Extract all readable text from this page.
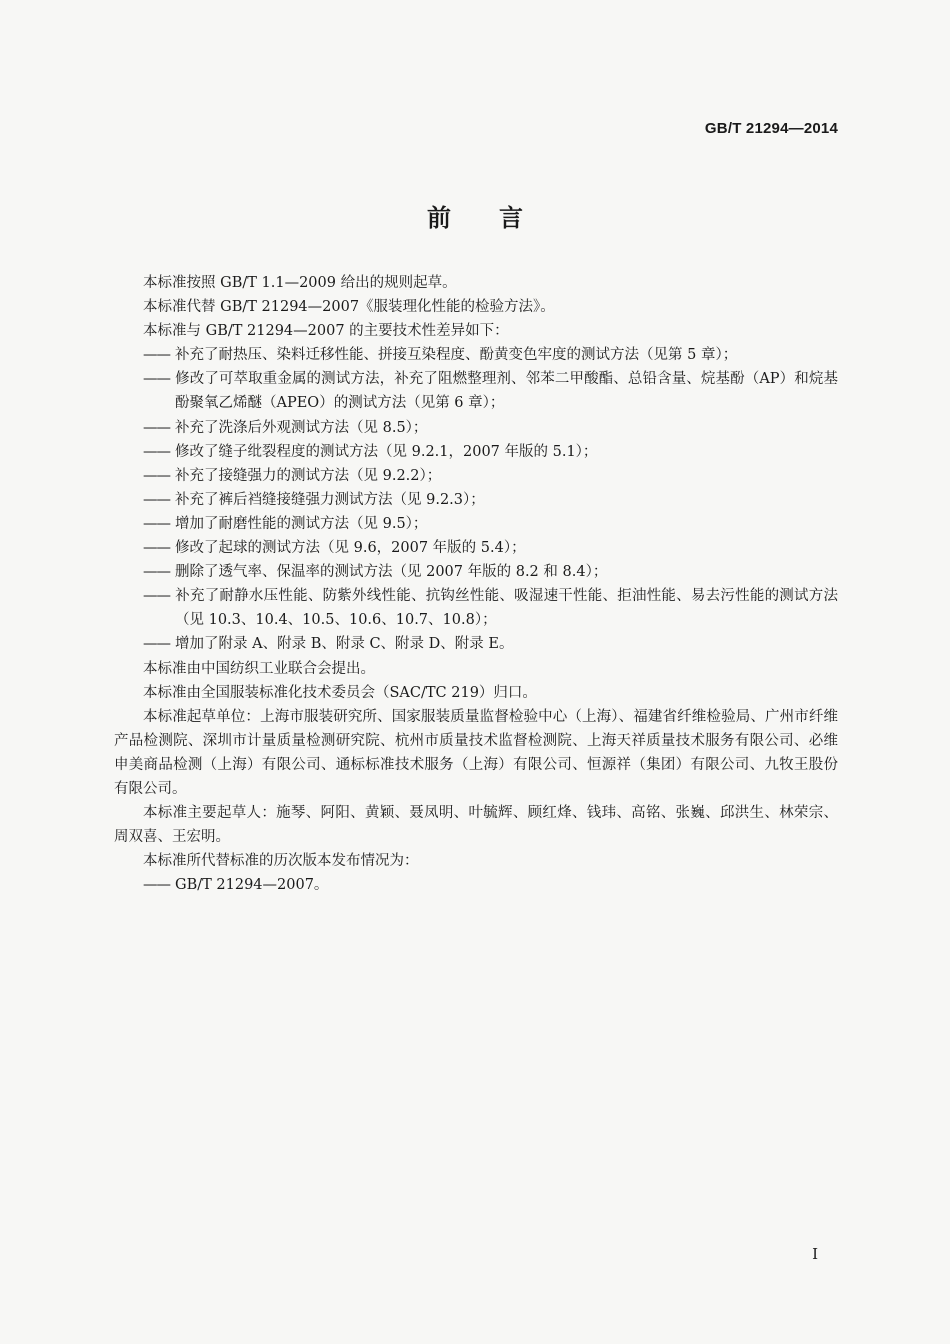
GB/T 21294—2014
前言

本标准按照 GB/T 1.1—2009 给出的规则起草。

本标准代替 GB/T 21294—2007《服装理化性能的检验方法》。

本标准与 GB/T 21294—2007 的主要技术性差异如下：

—— 补充了耐热压、染料迁移性能、拼接互染程度、酚黄变色牢度的测试方法（见第 5 章）；

—— 修改了可萃取重金属的测试方法，补充了阻燃整理剂、邻苯二甲酸酯、总铅含量、烷基酚（AP）和烷基酚聚氧乙烯醚（APEO）的测试方法（见第 6 章）；

—— 补充了洗涤后外观测试方法（见 8.5）；

—— 修改了缝子纰裂程度的测试方法（见 9.2.1，2007 年版的 5.1）；

—— 补充了接缝强力的测试方法（见 9.2.2）；

—— 补充了裤后裆缝接缝强力测试方法（见 9.2.3）；

—— 增加了耐磨性能的测试方法（见 9.5）；

—— 修改了起球的测试方法（见 9.6，2007 年版的 5.4）；

—— 删除了透气率、保温率的测试方法（见 2007 年版的 8.2 和 8.4）；

—— 补充了耐静水压性能、防紫外线性能、抗钩丝性能、吸湿速干性能、拒油性能、易去污性能的测试方法（见 10.3、10.4、10.5、10.6、10.7、10.8）；

—— 增加了附录 A、附录 B、附录 C、附录 D、附录 E。

本标准由中国纺织工业联合会提出。

本标准由全国服装标准化技术委员会（SAC/TC 219）归口。

本标准起草单位：上海市服装研究所、国家服装质量监督检验中心（上海）、福建省纤维检验局、广州市纤维产品检测院、深圳市计量质量检测研究院、杭州市质量技术监督检测院、上海天祥质量技术服务有限公司、必维申美商品检测（上海）有限公司、通标标准技术服务（上海）有限公司、恒源祥（集团）有限公司、九牧王股份有限公司。

本标准主要起草人：施琴、阿阳、黄颖、聂凤明、叶毓辉、顾红烽、钱玮、高铭、张巍、邱洪生、林荣宗、周双喜、王宏明。

本标准所代替标准的历次版本发布情况为：

—— GB/T 21294—2007。

I
